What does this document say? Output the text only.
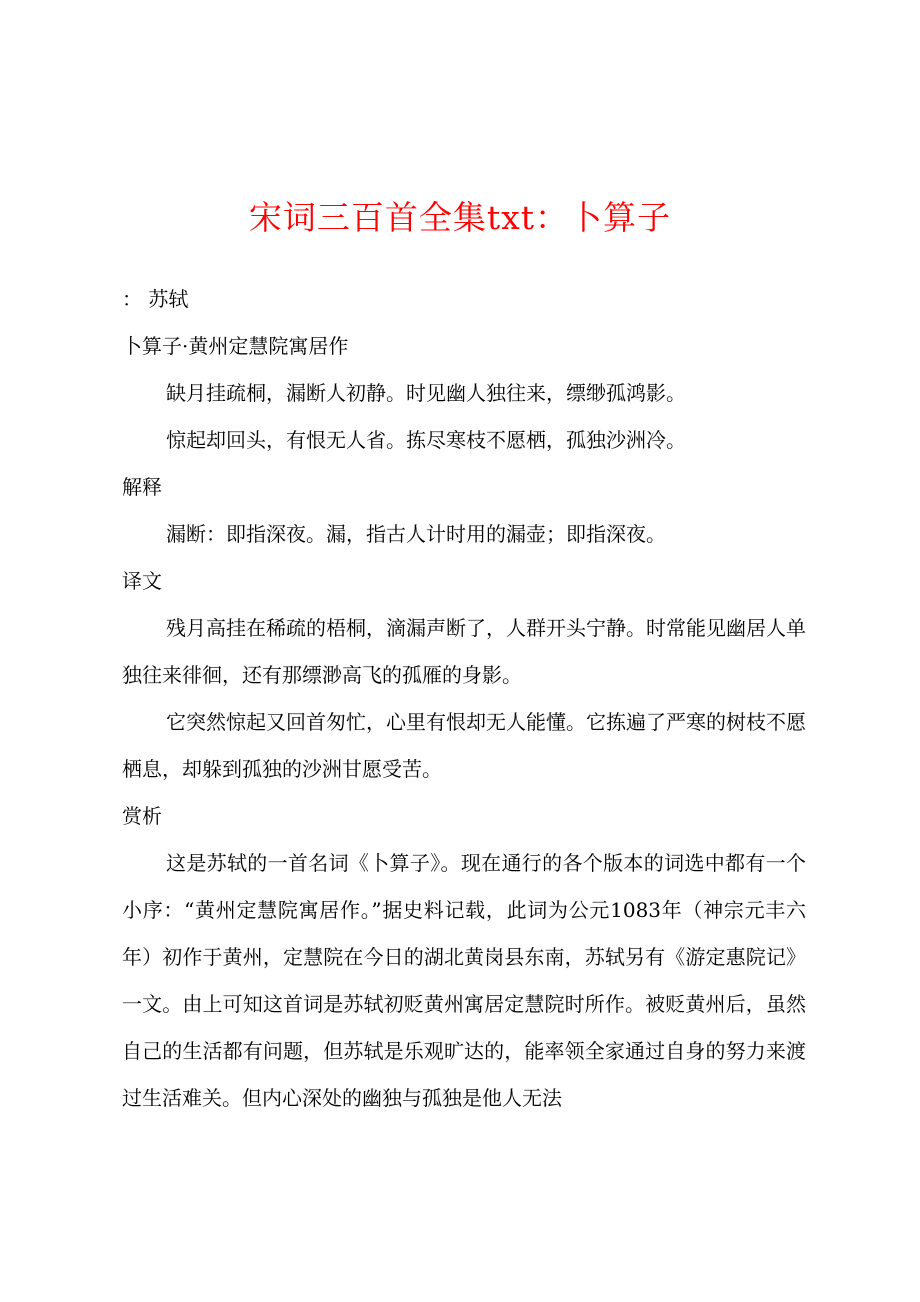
宋词三百首全集txt：卜算子
： 苏轼
卜算子·黄州定慧院寓居作
缺月挂疏桐，漏断人初静。时见幽人独往来，缥缈孤鸿影。
惊起却回头，有恨无人省。拣尽寒枝不愿栖，孤独沙洲冷。
解释
漏断：即指深夜。漏，指古人计时用的漏壶；即指深夜。
译文

残月高挂在稀疏的梧桐，滴漏声断了，人群开头宁静。时常能见幽居人单独往来徘徊，还有那缥渺高飞的孤雁的身影。

它突然惊起又回首匆忙，心里有恨却无人能懂。它拣遍了严寒的树枝不愿栖息，却躲到孤独的沙洲甘愿受苦。

赏析

这是苏轼的一首名词《卜算子》。现在通行的各个版本的词选中都有一个小序：“黄州定慧院寓居作。”据史料记载，此词为公元1083年（神宗元丰六年）初作于黄州，定慧院在今日的湖北黄岗县东南，苏轼另有《游定惠院记》一文。由上可知这首词是苏轼初贬黄州寓居定慧院时所作。被贬黄州后，虽然自己的生活都有问题，但苏轼是乐观旷达的，能率领全家通过自身的努力来渡过生活难关。但内心深处的幽独与孤独是他人无法
